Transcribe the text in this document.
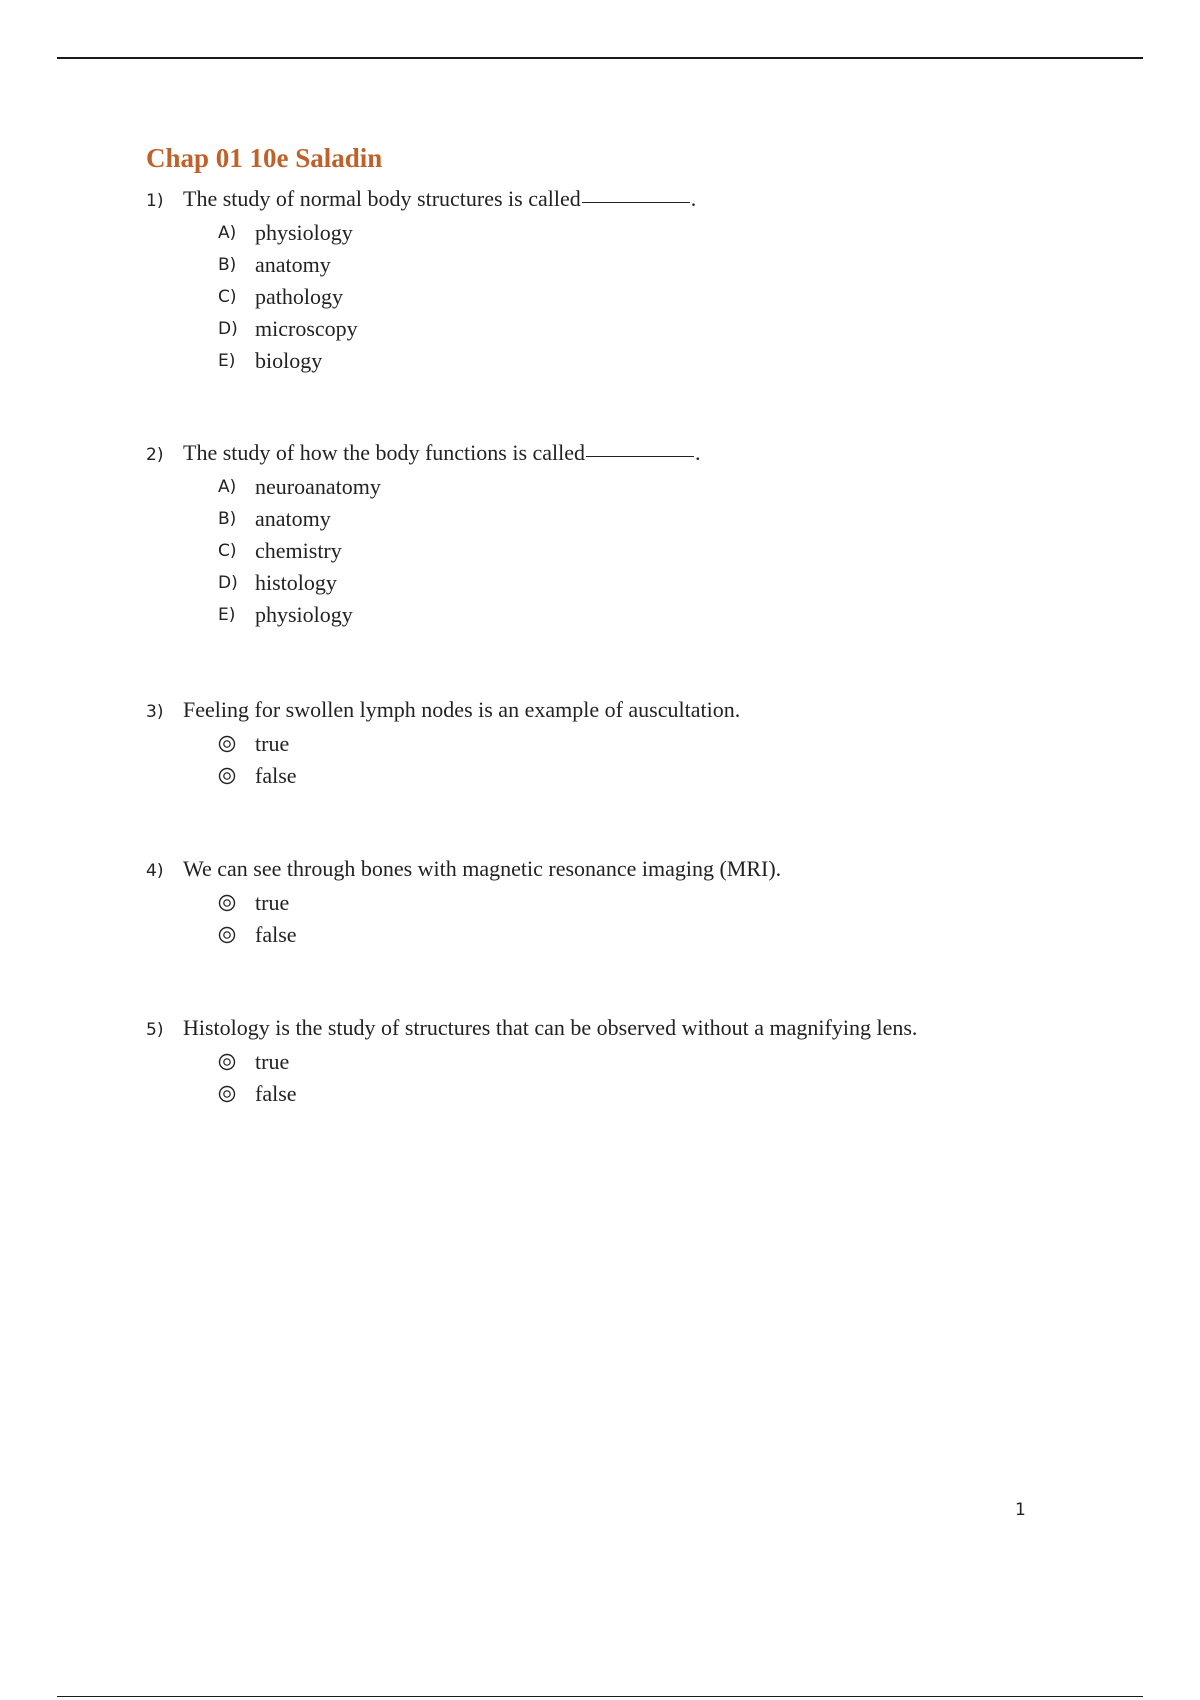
Chap 01 10e Saladin
1) The study of normal body structures is called	.
A) physiology
B) anatomy
C) pathology
D) microscopy
E) biology
2) The study of how the body functions is called	.
A) neuroanatomy
B) anatomy
C) chemistry
D) histology
E) physiology
3) Feeling for swollen lymph nodes is an example of auscultation.
true
false
4) We can see through bones with magnetic resonance imaging (MRI).
true
false
5) Histology is the study of structures that can be observed without a magnifying lens.
true
false
1
